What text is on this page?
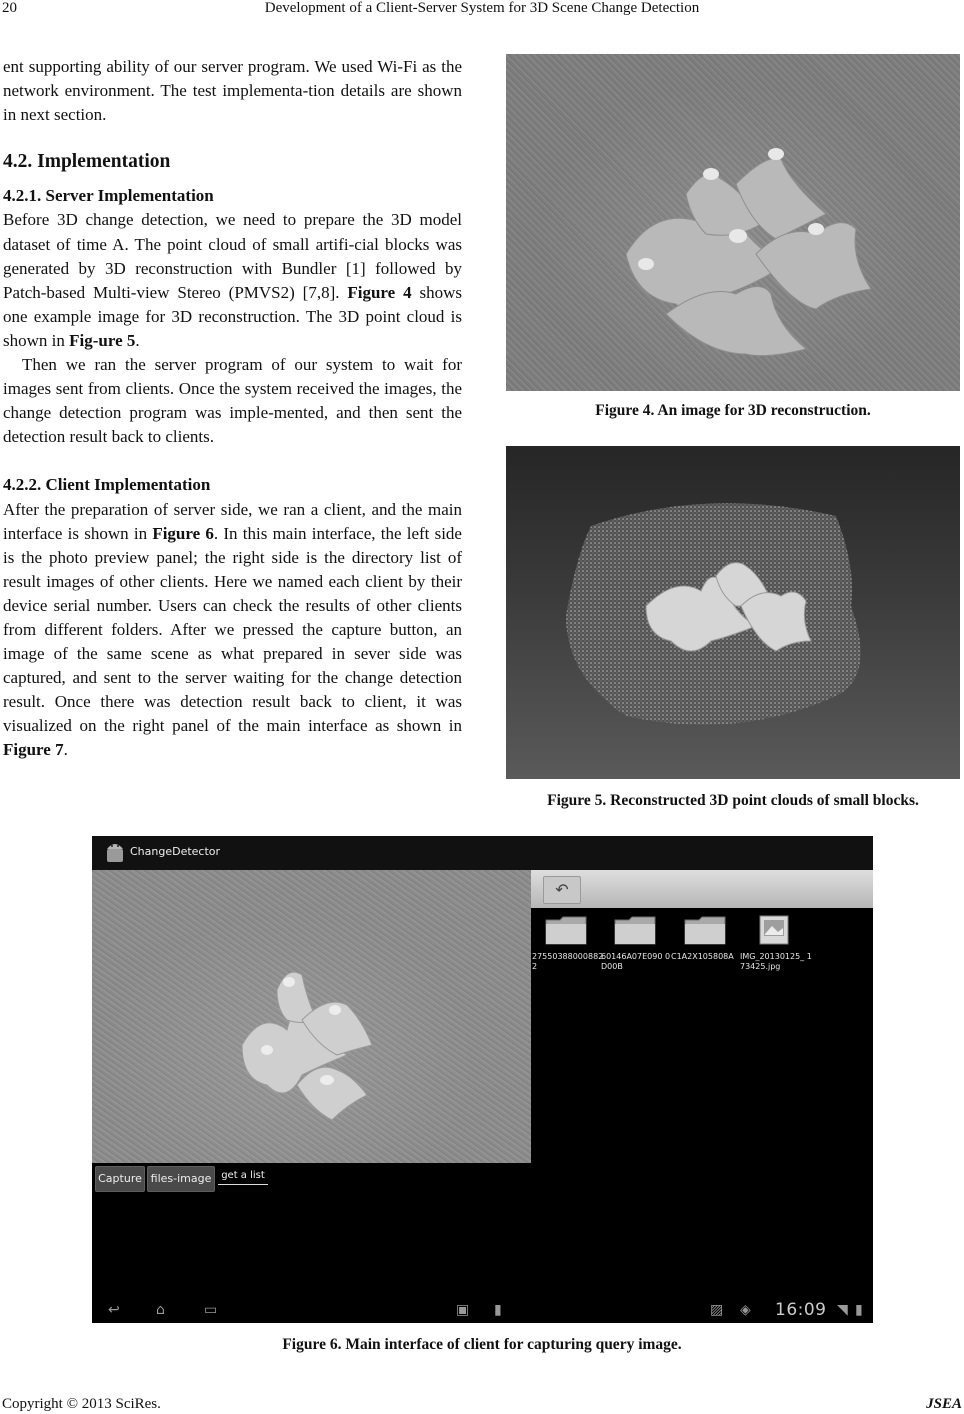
Development of a Client-Server System for 3D Scene Change Detection
20

ent supporting ability of our server program. We used Wi-Fi as the network environment. The test implementa-tion details are shown in next section.

4.2. Implementation
4.2.1. Server Implementation

Before 3D change detection, we need to prepare the 3D model dataset of time A. The point cloud of small artifi-cial blocks was generated by 3D reconstruction with Bundler [1] followed by Patch-based Multi-view Stereo (PMVS2) [7,8]. Figure 4 shows one example image for 3D reconstruction. The 3D point cloud is shown in Fig-ure 5.

Then we ran the server program of our system to wait for images sent from clients. Once the system received the images, the change detection program was imple-mented, and then sent the detection result back to clients.

4.2.2. Client Implementation

After the preparation of server side, we ran a client, and the main interface is shown in Figure 6. In this main interface, the left side is the photo preview panel; the right side is the directory list of result images of other clients. Here we named each client by their device serial number. Users can check the results of other clients from different folders. After we pressed the capture button, an image of the same scene as what prepared in sever side was captured, and sent to the server waiting for the change detection result. Once there was detection result back to client, it was visualized on the right panel of the main interface as shown in Figure 7.

Figure 4. An image for 3D reconstruction.
Figure 5. Reconstructed 3D point clouds of small blocks.
ChangeDetector
↶
27550388000882 2
60146A07E090 0D00B
C1A2X105808A IMG_20130125_ 173425.jpg
Capture files-image get a list
↩	⌂	▭	▣ ▮	▨ ◈ 16:09 ◥ ▮
Figure 6. Main interface of client for capturing query image.
Copyright © 2013 SciRes.	JSEA
